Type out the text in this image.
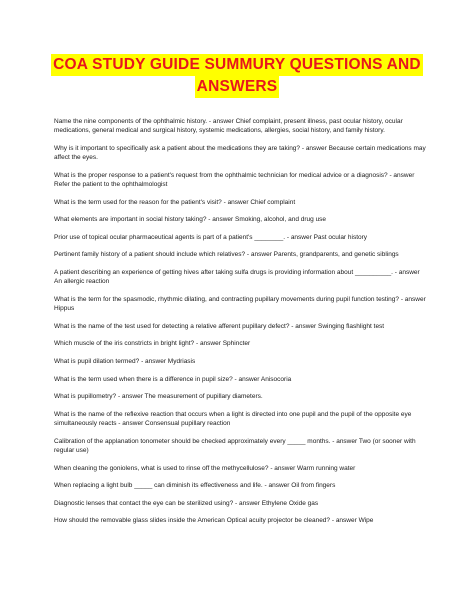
COA STUDY GUIDE SUMMURY QUESTIONS AND
ANSWERS

Name the nine components of the ophthalmic history. - answer Chief complaint, present illness, past ocular history, ocular medications, general medical and surgical history, systemic medications, allergies, social history, and family history.

Why is it important to specifically ask a patient about the medications they are taking? - answer Because certain medications may affect the eyes.

What is the proper response to a patient's request from the ophthalmic technician for medical advice or a diagnosis? - answer Refer the patient to the ophthalmologist

What is the term used for the reason for the patient's visit? - answer Chief complaint

What elements are important in social history taking? - answer Smoking, alcohol, and drug use

Prior use of topical ocular pharmaceutical agents is part of a patient's ________. - answer Past ocular history

Pertinent family history of a patient should include which relatives? - answer Parents, grandparents, and genetic siblings

A patient describing an experience of getting hives after taking sulfa drugs is providing information about __________. - answer An allergic reaction

What is the term for the spasmodic, rhythmic dilating, and contracting pupillary movements during pupil function testing? - answer Hippus

What is the name of the test used for detecting a relative afferent pupillary defect? - answer Swinging flashlight test

Which muscle of the iris constricts in bright light? - answer Sphincter

What is pupil dilation termed? - answer Mydriasis

What is the term used when there is a difference in pupil size? - answer Anisocoria

What is pupillometry? - answer The measurement of pupillary diameters.

What is the name of the reflexive reaction that occurs when a light is directed into one pupil and the pupil of the opposite eye simultaneously reacts - answer Consensual pupillary reaction

Calibration of the applanation tonometer should be checked approximately every _____ months. - answer Two (or sooner with regular use)

When cleaning the goniolens, what is used to rinse off the methycellulose? - answer Warm running water

When replacing a light bulb _____ can diminish its effectiveness and life. - answer Oil from fingers

Diagnostic lenses that contact the eye can be sterilized using? - answer Ethylene Oxide gas

How should the removable glass slides inside the American Optical acuity projector be cleaned? - answer Wipe
